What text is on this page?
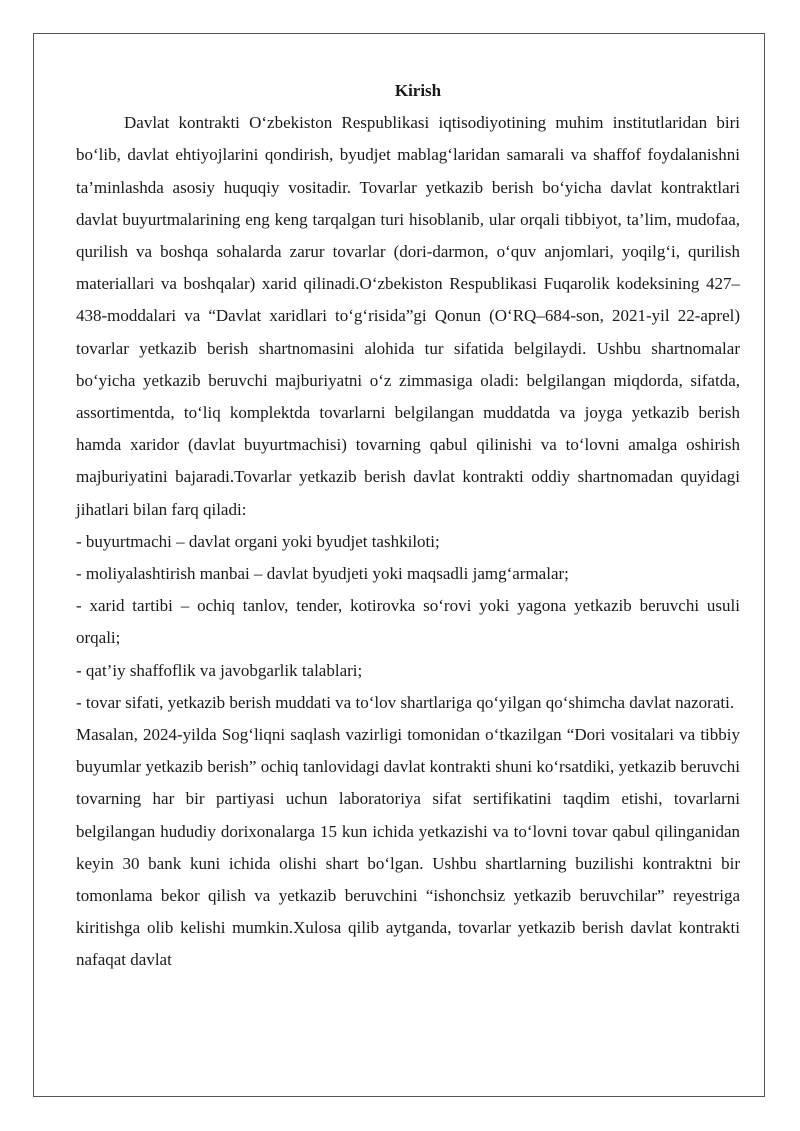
Kirish

Davlat kontrakti O‘zbekiston Respublikasi iqtisodiyotining muhim institutlaridan biri bo‘lib, davlat ehtiyojlarini qondirish, byudjet mablag‘laridan samarali va shaffof foydalanishni ta’minlashda asosiy huquqiy vositadir. Tovarlar yetkazib berish bo‘yicha davlat kontraktlari davlat buyurtmalarining eng keng tarqalgan turi hisoblanib, ular orqali tibbiyot, ta’lim, mudofaa, qurilish va boshqa sohalarda zarur tovarlar (dori-darmon, o‘quv anjomlari, yoqilg‘i, qurilish materiallari va boshqalar) xarid qilinadi.O‘zbekiston Respublikasi Fuqarolik kodeksining 427–438-moddalari va “Davlat xaridlari to‘g‘risida”gi Qonun (O‘RQ–684-son, 2021-yil 22-aprel) tovarlar yetkazib berish shartnomasini alohida tur sifatida belgilaydi. Ushbu shartnomalar bo‘yicha yetkazib beruvchi majburiyatni o‘z zimmasiga oladi: belgilangan miqdorda, sifatda, assortimentda, to‘liq komplektda tovarlarni belgilangan muddatda va joyga yetkazib berish hamda xaridor (davlat buyurtmachisi) tovarning qabul qilinishi va to‘lovni amalga oshirish majburiyatini bajaradi.Tovarlar yetkazib berish davlat kontrakti oddiy shartnomadan quyidagi jihatlari bilan farq qiladi:

- buyurtmachi – davlat organi yoki byudjet tashkiloti;

- moliyalashtirish manbai – davlat byudjeti yoki maqsadli jamg‘armalar;

- xarid tartibi – ochiq tanlov, tender, kotirovka so‘rovi yoki yagona yetkazib beruvchi usuli orqali;

- qat’iy shaffoflik va javobgarlik talablari;

- tovar sifati, yetkazib berish muddati va to‘lov shartlariga qo‘yilgan qo‘shimcha davlat nazorati.

Masalan, 2024-yilda Sog‘liqni saqlash vazirligi tomonidan o‘tkazilgan “Dori vositalari va tibbiy buyumlar yetkazib berish” ochiq tanlovidagi davlat kontrakti shuni ko‘rsatdiki, yetkazib beruvchi tovarning har bir partiyasi uchun laboratoriya sifat sertifikatini taqdim etishi, tovarlarni belgilangan hududiy dorixonalarga 15 kun ichida yetkazishi va to‘lovni tovar qabul qilinganidan keyin 30 bank kuni ichida olishi shart bo‘lgan. Ushbu shartlarning buzilishi kontraktni bir tomonlama bekor qilish va yetkazib beruvchini “ishonchsiz yetkazib beruvchilar” reyestriga kiritishga olib kelishi mumkin.Xulosa qilib aytganda, tovarlar yetkazib berish davlat kontrakti nafaqat davlat
